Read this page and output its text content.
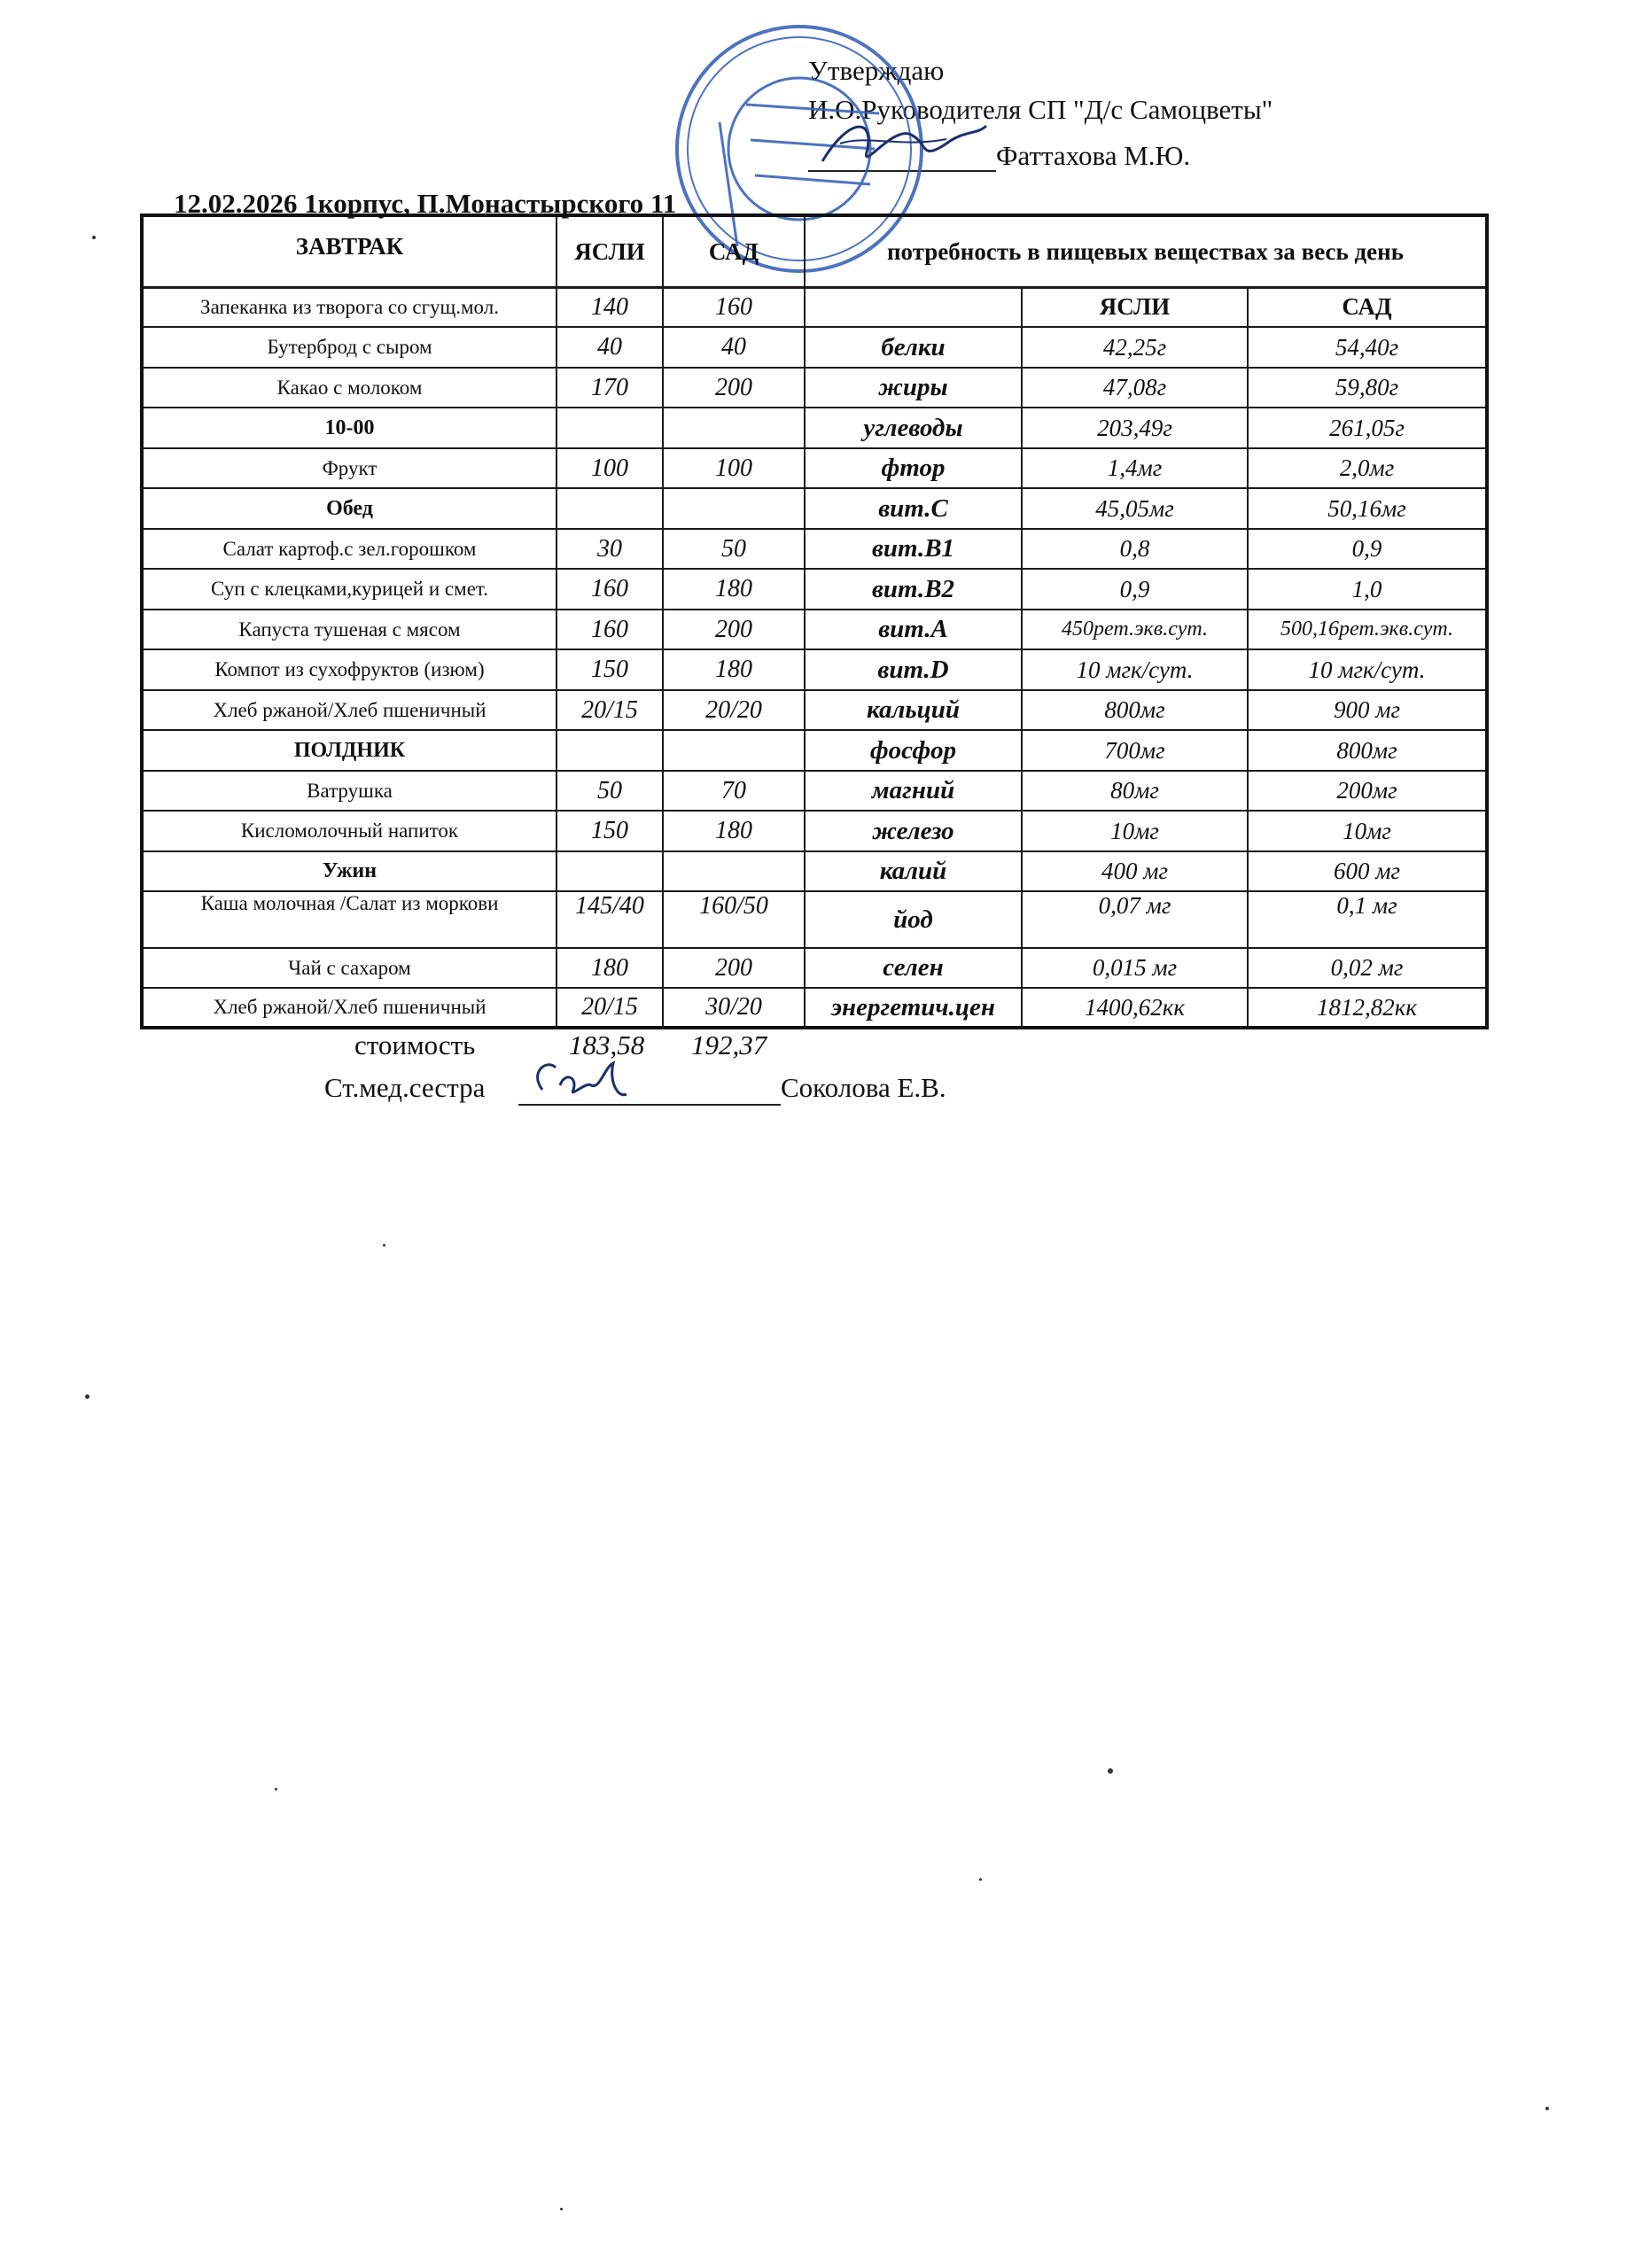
Утверждаю
И.О.Руководителя СП "Д/с Самоцветы"
Фаттахова М.Ю.
12.02.2026 1корпус, П.Монастырского 11
ЗАВТРАК	ЯСЛИ	САД	потребность в пищевых веществах за весь день

Запеканка из творога со сгущ.мол.	140	160		ЯСЛИ	САД
Бутерброд с сыром	40	40	белки	42,25г	54,40г
Какао с молоком	170	200	жиры	47,08г	59,80г
10-00			углеводы	203,49г	261,05г
Фрукт	100	100	фтор	1,4мг	2,0мг
Обед			вит.С	45,05мг	50,16мг
Салат картоф.с зел.горошком	30	50	вит.В1	0,8	0,9
Суп с клецками,курицей и смет.	160	180	вит.В2	0,9	1,0
Капуста тушеная с мясом	160	200	вит.А	450рет.экв.сут.	500,16рет.экв.сут.
Компот из сухофруктов (изюм)	150	180	вит.D	10 мгк/сут.	10 мгк/сут.
Хлеб ржаной/Хлеб пшеничный	20/15	20/20	кальций	800мг	900 мг
ПОЛДНИК			фосфор	700мг	800мг
Ватрушка	50	70	магний	80мг	200мг
Кисломолочный напиток	150	180	железо	10мг	10мг
Ужин			калий	400 мг	600 мг
Каша молочная /Салат из моркови	145/40	160/50	йод	0,07 мг	0,1 мг
Чай с сахаром	180	200	селен	0,015 мг	0,02 мг
Хлеб ржаной/Хлеб пшеничный	20/15	30/20	энергетич.цен	1400,62кк	1812,82кк
стоимость	183,58 192,37
Ст.мед.сестра	Соколова Е.В.
